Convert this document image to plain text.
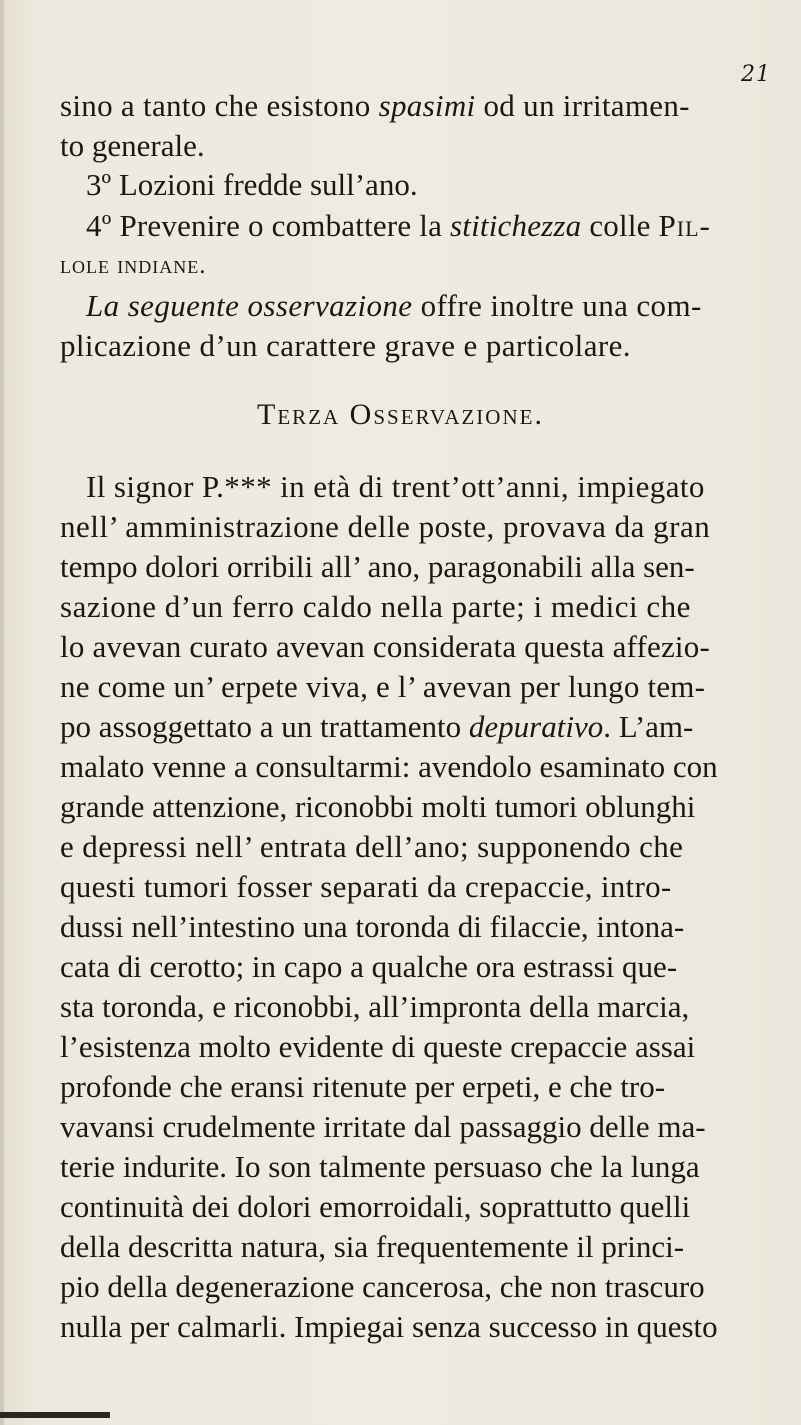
21
sino a tanto che esistono spasimi od un irritamen-
to generale.
3º Lozioni fredde sull’ano.
4º Prevenire o combattere la stitichezza colle Pil-
lole indiane.
La seguente osservazione offre inoltre una com-
plicazione d’un carattere grave e particolare.
Terza Osservazione.
Il signor P.*** in età di trent’ott’anni, impiegato
nell’ amministrazione delle poste, provava da gran
tempo dolori orribili all’ ano, paragonabili alla sen-
sazione d’un ferro caldo nella parte; i medici che
lo avevan curato avevan considerata questa affezio-
ne come un’ erpete viva, e l’ avevan per lungo tem-
po assoggettato a un trattamento depurativo. L’am-
malato venne a consultarmi: avendolo esaminato con
grande attenzione, riconobbi molti tumori oblunghi
e depressi nell’ entrata dell’ano; supponendo che
questi tumori fosser separati da crepaccie, intro-
dussi nell’intestino una toronda di filaccie, intona-
cata di cerotto; in capo a qualche ora estrassi que-
sta toronda, e riconobbi, all’impronta della marcia,
l’esistenza molto evidente di queste crepaccie assai
profonde che eransi ritenute per erpeti, e che tro-
vavansi crudelmente irritate dal passaggio delle ma-
terie indurite. Io son talmente persuaso che la lunga
continuità dei dolori emorroidali, soprattutto quelli
della descritta natura, sia frequentemente il princi-
pio della degenerazione cancerosa, che non trascuro
nulla per calmarli. Impiegai senza successo in questo
